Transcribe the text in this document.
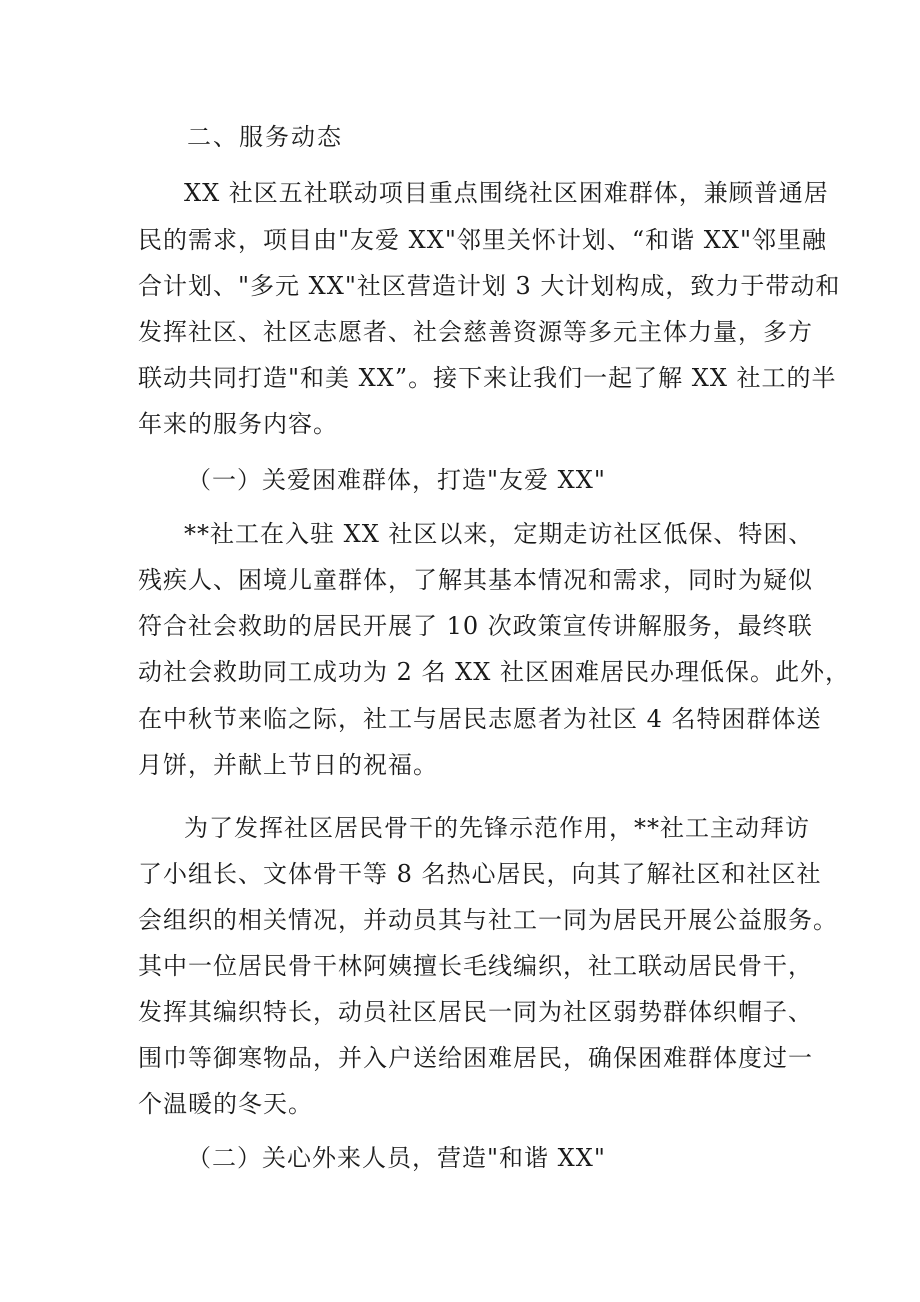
二、服务动态
XX 社区五社联动项目重点围绕社区困难群体，兼顾普通居
民的需求，项目由"友爱 XX"邻里关怀计划、“和谐 XX"邻里融
合计划、"多元 XX"社区营造计划 3 大计划构成，致力于带动和
发挥社区、社区志愿者、社会慈善资源等多元主体力量，多方
联动共同打造"和美 XX”。接下来让我们一起了解 XX 社工的半
年来的服务内容。
（一）关爱困难群体，打造"友爱 XX"
**社工在入驻 XX 社区以来，定期走访社区低保、特困、
残疾人、困境儿童群体，了解其基本情况和需求，同时为疑似
符合社会救助的居民开展了 10 次政策宣传讲解服务，最终联
动社会救助同工成功为 2 名 XX 社区困难居民办理低保。此外，
在中秋节来临之际，社工与居民志愿者为社区 4 名特困群体送
月饼，并献上节日的祝福。
为了发挥社区居民骨干的先锋示范作用，**社工主动拜访
了小组长、文体骨干等 8 名热心居民，向其了解社区和社区社
会组织的相关情况，并动员其与社工一同为居民开展公益服务。
其中一位居民骨干林阿姨擅长毛线编织，社工联动居民骨干，
发挥其编织特长，动员社区居民一同为社区弱势群体织帽子、
围巾等御寒物品，并入户送给困难居民，确保困难群体度过一
个温暖的冬天。
（二）关心外来人员，营造"和谐 XX"
